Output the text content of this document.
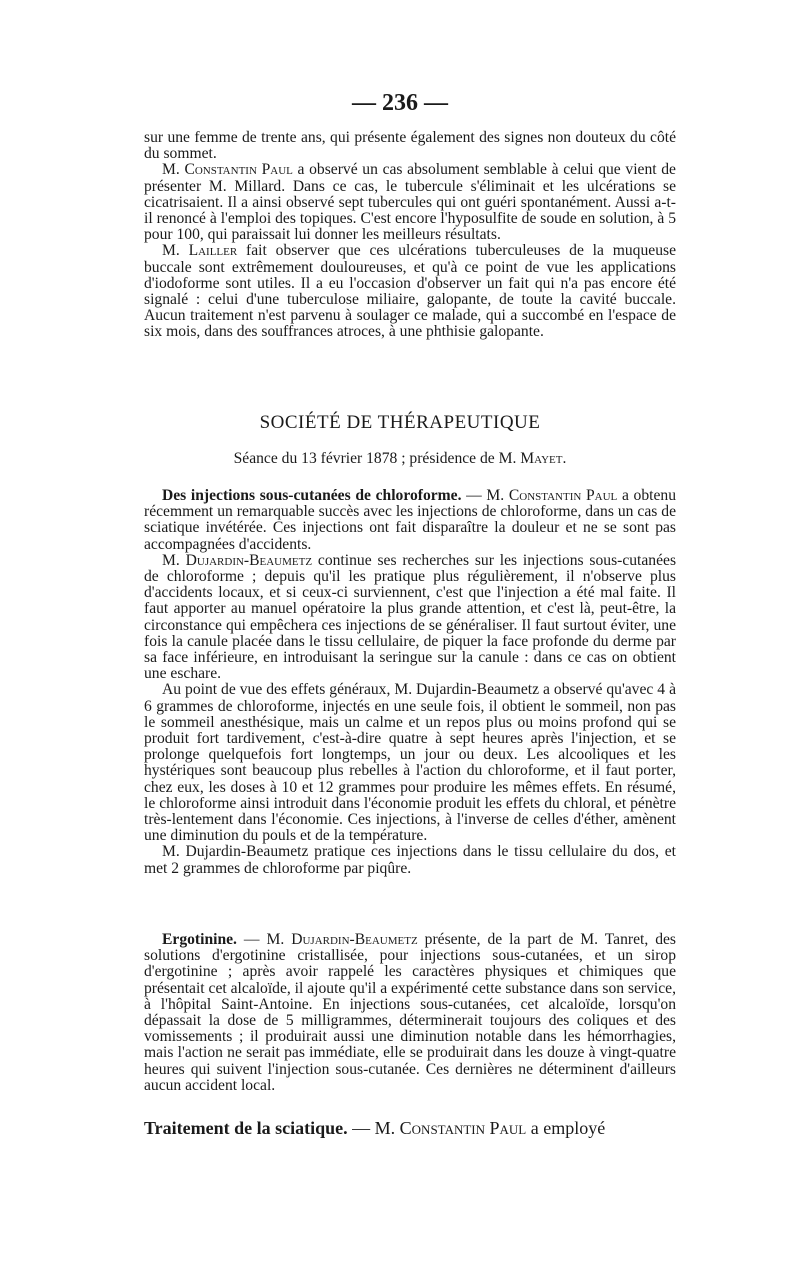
— 236 —

sur une femme de trente ans, qui présente également des signes non douteux du côté du sommet.

M. Constantin Paul a observé un cas absolument semblable à celui que vient de présenter M. Millard. Dans ce cas, le tubercule s'éliminait et les ulcérations se cicatrisaient. Il a ainsi observé sept tubercules qui ont guéri spontanément. Aussi a-t-il renoncé à l'emploi des topiques. C'est encore l'hyposulfite de soude en solution, à 5 pour 100, qui paraissait lui donner les meilleurs résultats.

M. Lailler fait observer que ces ulcérations tuberculeuses de la muqueuse buccale sont extrêmement douloureuses, et qu'à ce point de vue les applications d'iodoforme sont utiles. Il a eu l'occasion d'observer un fait qui n'a pas encore été signalé : celui d'une tuberculose miliaire, galopante, de toute la cavité buccale. Aucun traitement n'est parvenu à soulager ce malade, qui a succombé en l'espace de six mois, dans des souffrances atroces, à une phthisie galopante.

SOCIÉTÉ DE THÉRAPEUTIQUE
Séance du 13 février 1878 ; présidence de M. Mayet.

Des injections sous-cutanées de chloroforme. — M. Constantin Paul a obtenu récemment un remarquable succès avec les injections de chloroforme, dans un cas de sciatique invétérée. Ces injections ont fait disparaître la douleur et ne se sont pas accompagnées d'accidents.

M. Dujardin-Beaumetz continue ses recherches sur les injections sous-cutanées de chloroforme ; depuis qu'il les pratique plus régulièrement, il n'observe plus d'accidents locaux, et si ceux-ci surviennent, c'est que l'injection a été mal faite. Il faut apporter au manuel opératoire la plus grande attention, et c'est là, peut-être, la circonstance qui empêchera ces injections de se généraliser. Il faut surtout éviter, une fois la canule placée dans le tissu cellulaire, de piquer la face profonde du derme par sa face inférieure, en introduisant la seringue sur la canule : dans ce cas on obtient une eschare.

Au point de vue des effets généraux, M. Dujardin-Beaumetz a observé qu'avec 4 à 6 grammes de chloroforme, injectés en une seule fois, il obtient le sommeil, non pas le sommeil anesthésique, mais un calme et un repos plus ou moins profond qui se produit fort tardivement, c'est-à-dire quatre à sept heures après l'injection, et se prolonge quelquefois fort longtemps, un jour ou deux. Les alcooliques et les hystériques sont beaucoup plus rebelles à l'action du chloroforme, et il faut porter, chez eux, les doses à 10 et 12 grammes pour produire les mêmes effets. En résumé, le chloroforme ainsi introduit dans l'économie produit les effets du chloral, et pénètre très-lentement dans l'économie. Ces injections, à l'inverse de celles d'éther, amènent une diminution du pouls et de la température.

M. Dujardin-Beaumetz pratique ces injections dans le tissu cellulaire du dos, et met 2 grammes de chloroforme par piqûre.

Ergotinine. — M. Dujardin-Beaumetz présente, de la part de M. Tanret, des solutions d'ergotinine cristallisée, pour injections sous-cutanées, et un sirop d'ergotinine ; après avoir rappelé les caractères physiques et chimiques que présentait cet alcaloïde, il ajoute qu'il a expérimenté cette substance dans son service, à l'hôpital Saint-Antoine. En injections sous-cutanées, cet alcaloïde, lorsqu'on dépassait la dose de 5 milligrammes, déterminerait toujours des coliques et des vomissements ; il produirait aussi une diminution notable dans les hémorrhagies, mais l'action ne serait pas immédiate, elle se produirait dans les douze à vingt-quatre heures qui suivent l'injection sous-cutanée. Ces dernières ne déterminent d'ailleurs aucun accident local.

Traitement de la sciatique. — M. Constantin Paul a employé
